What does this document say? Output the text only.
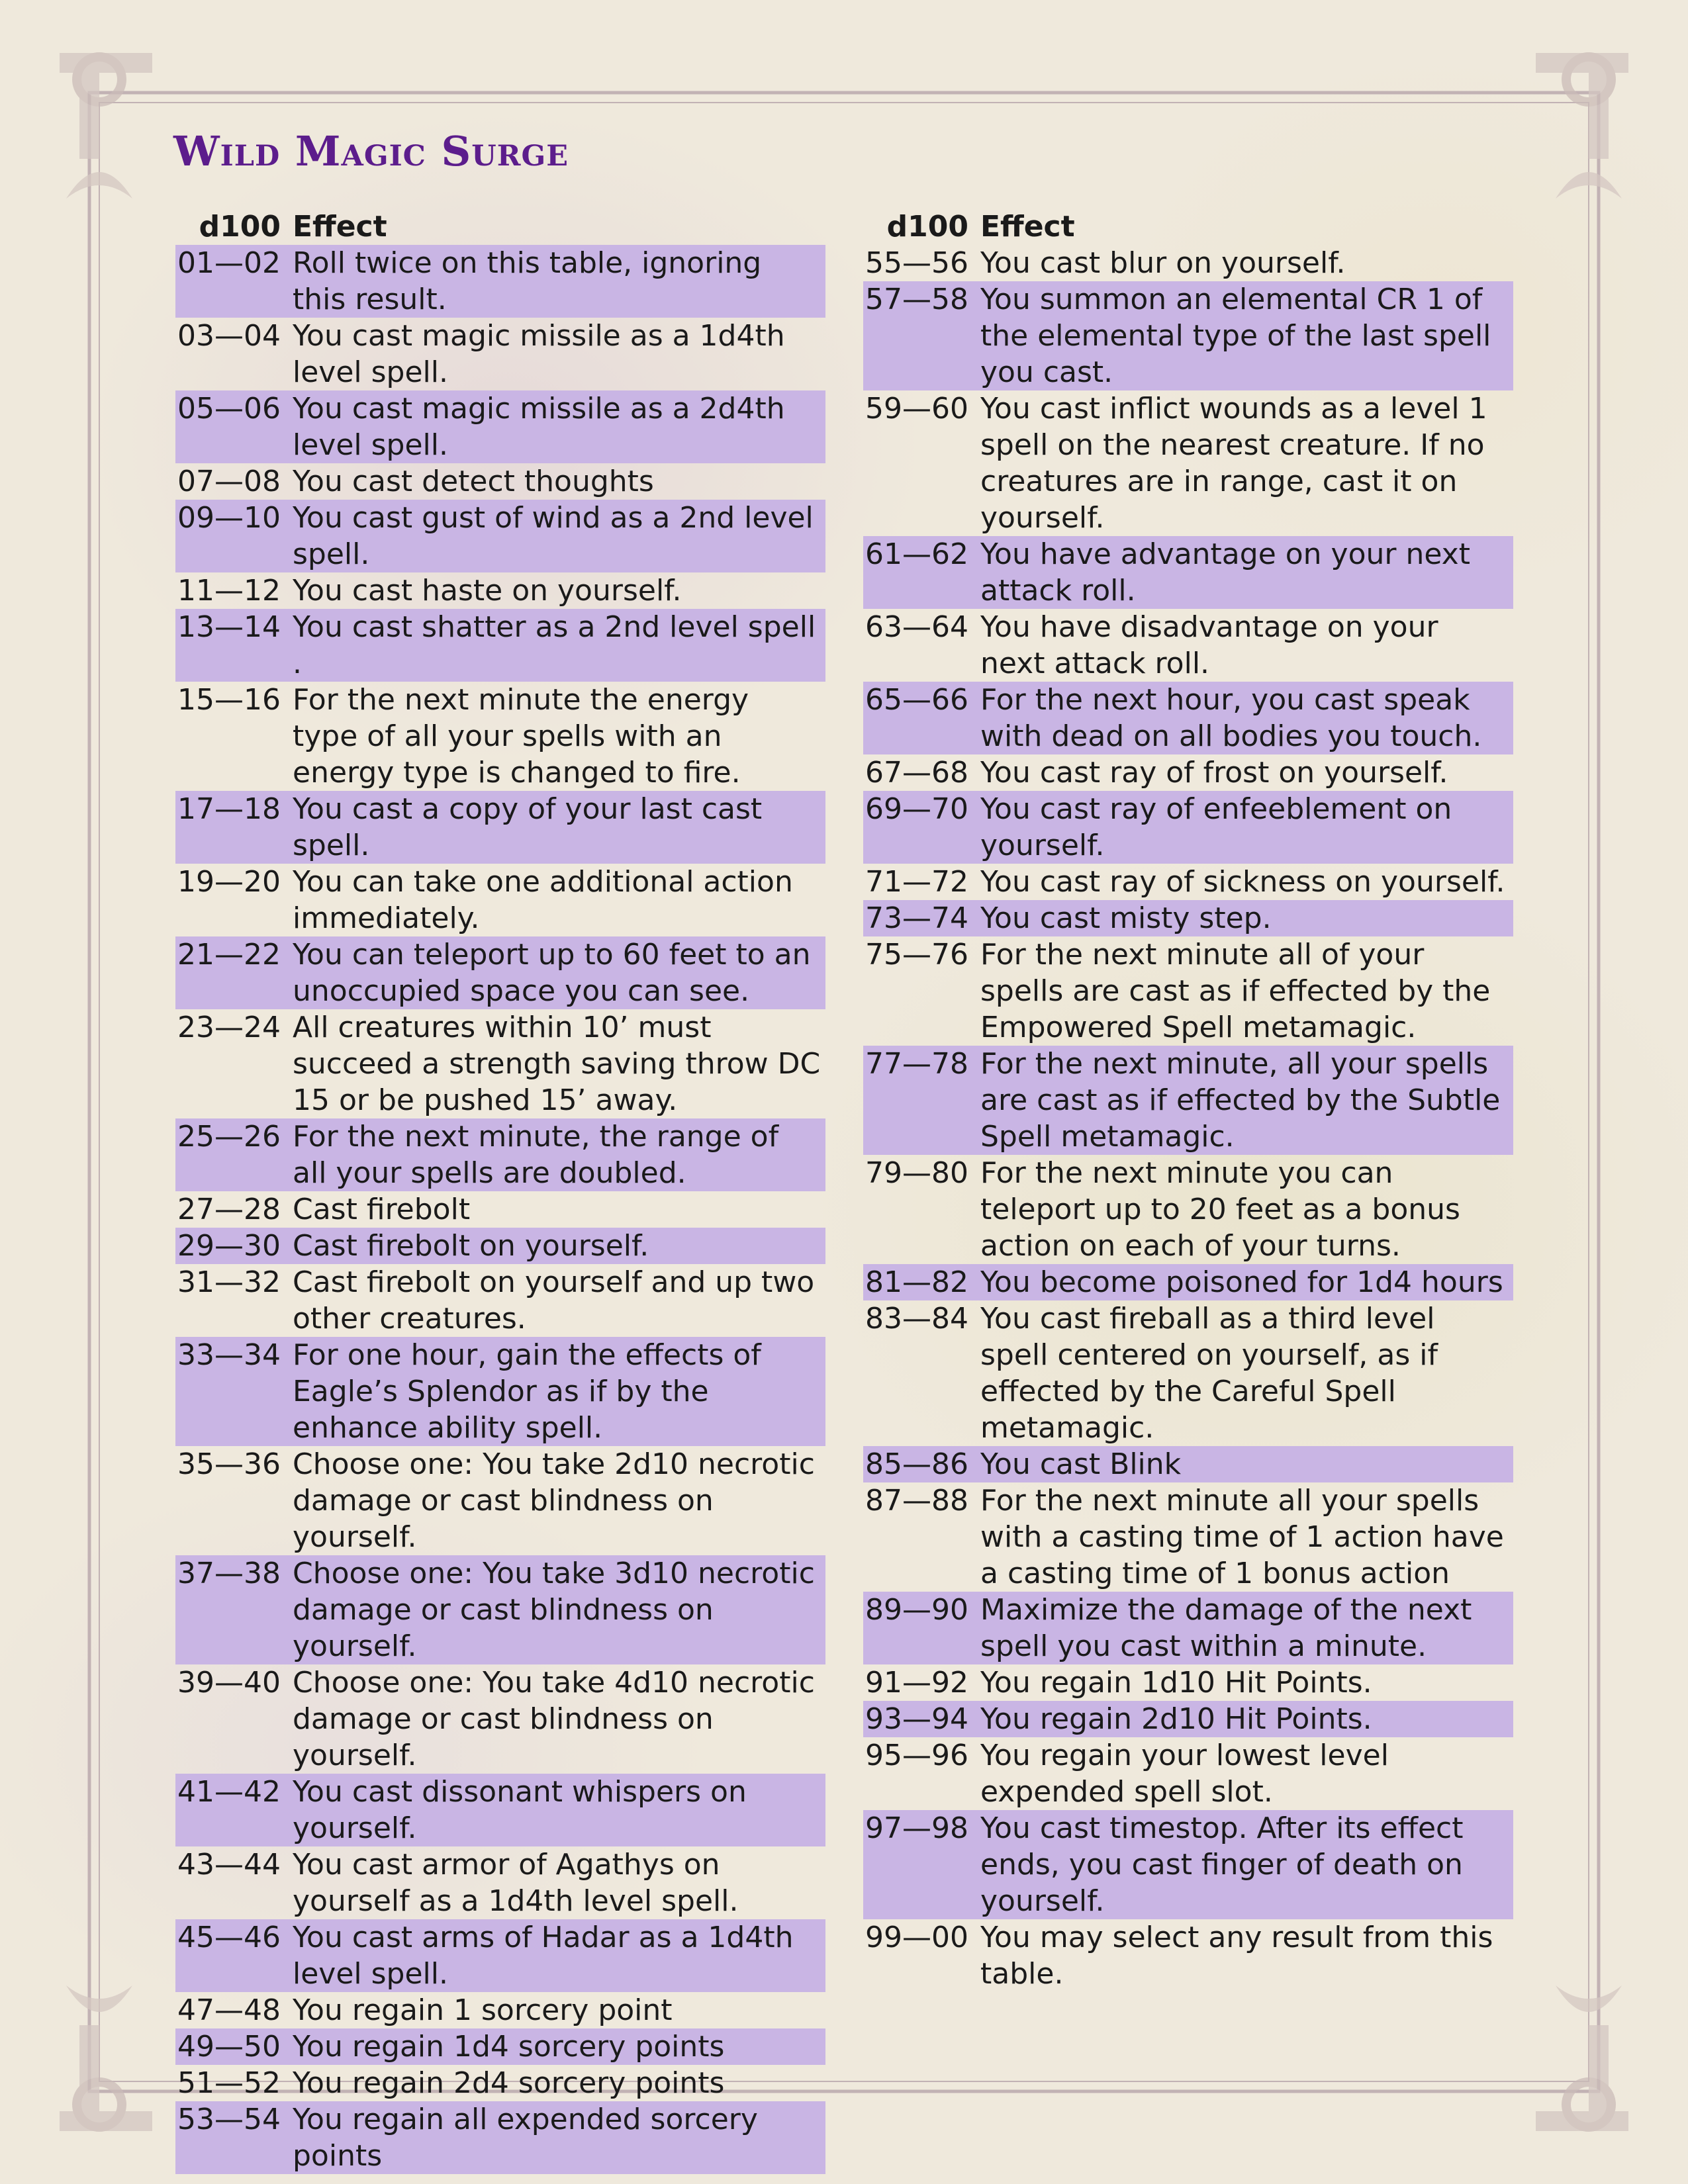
Wild Magic Surge
d100 Effect
01—02 Roll twice on this table, ignoring this result.
03—04 You cast magic missile as a 1d4th level spell.
05—06 You cast magic missile as a 2d4th level spell.
07—08 You cast detect thoughts
09—10 You cast gust of wind as a 2nd level spell.
11—12 You cast haste on yourself.
13—14 You cast shatter as a 2nd level spell .
15—16 For the next minute the energy type of all your spells with an energy type is changed to fire.
17—18 You cast a copy of your last cast spell.
19—20 You can take one additional action immediately.
21—22 You can teleport up to 60 feet to an unoccupied space you can see.
23—24 All creatures within 10’ must succeed a strength saving throw DC 15 or be pushed 15’ away.
25—26 For the next minute, the range of all your spells are doubled.
27—28 Cast firebolt
29—30 Cast firebolt on yourself.
31—32 Cast firebolt on yourself and up two other creatures.
33—34 For one hour, gain the effects of Eagle’s Splendor as if by the enhance ability spell.
35—36 Choose one: You take 2d10 necrotic damage or cast blindness on yourself.
37—38 Choose one: You take 3d10 necrotic damage or cast blindness on yourself.
39—40 Choose one: You take 4d10 necrotic damage or cast blindness on yourself.
41—42 You cast dissonant whispers on yourself.
43—44 You cast armor of Agathys on yourself as a 1d4th level spell.
45—46 You cast arms of Hadar as a 1d4th level spell.
47—48 You regain 1 sorcery point
49—50 You regain 1d4 sorcery points
51—52 You regain 2d4 sorcery points
53—54 You regain all expended sorcery points
d100 Effect
55—56 You cast blur on yourself.
57—58 You summon an elemental CR 1 of the elemental type of the last spell you cast.
59—60 You cast inflict wounds as a level 1 spell on the nearest creature. If no creatures are in range, cast it on yourself.
61—62 You have advantage on your next attack roll.
63—64 You have disadvantage on your next attack roll.
65—66 For the next hour, you cast speak with dead on all bodies you touch.
67—68 You cast ray of frost on yourself.
69—70 You cast ray of enfeeblement on yourself.
71—72 You cast ray of sickness on yourself.
73—74 You cast misty step.
75—76 For the next minute all of your spells are cast as if effected by the Empowered Spell metamagic.
77—78 For the next minute, all your spells are cast as if effected by the Subtle Spell metamagic.
79—80 For the next minute you can teleport up to 20 feet as a bonus action on each of your turns.
81—82 You become poisoned for 1d4 hours
83—84 You cast fireball as a third level spell centered on yourself, as if effected by the Careful Spell metamagic.
85—86 You cast Blink
87—88 For the next minute all your spells with a casting time of 1 action have a casting time of 1 bonus action
89—90 Maximize the damage of the next spell you cast within a minute.
91—92 You regain 1d10 Hit Points.
93—94 You regain 2d10 Hit Points.
95—96 You regain your lowest level expended spell slot.
97—98 You cast timestop. After its effect ends, you cast finger of death on yourself.
99—00 You may select any result from this table.
